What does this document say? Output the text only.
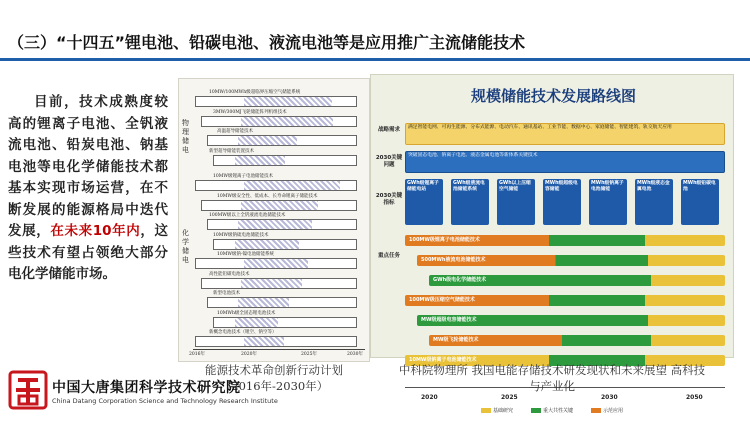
（三）“十四五”锂电池、铅碳电池、液流电池等是应用推广主流储能技术
目前，技术成熟度较高的锂离子电池、全钒液流电池、铅炭电池、钠基电池等电化学储能技术都基本实现市场运营，在不断发展的能源格局中迭代发展，在未来10年内，这些技术有望占领绝大部分电化学储能市场。
物理储电
化学储电
10MW/100MWh级超临界压缩空气储能系统
3MW/300MJ飞轮储能阵列机组技术
高温超导储能技术
新型超导储能装置技术
10MW级锂离子电池储能技术
10MW级安全性、低成本、长寿命锂离子储能技术
100MW级以上全钒液流电池储能技术
10MW级钠硫电池储能技术
10MW级钠-镍电池储能系统
高性能铅碳电池技术
新型电池技术
10MWh级全固态锂电池技术
新概念电池技术（锂空、钠空等）
2016年	2020年	2025年	2030年
能源技术革命创新行动计划
（2016年-2030年）
规模储能技术发展路线图
战略需求
2030关键问题
2030关键指标
重点任务
满足智能电网、可再生能源、分布式能源、电动汽车、通讯基站、工业节能、数据中心、家庭储能、智能建筑、轨交航天应用
突破固态电池、钠离子电池、液态金属电池等新体系关键技术
GWh级锂离子储能电站
GWh级液流电池储能系统
GWh以上压缩空气储能
MWh级超级电容储能
MWh级钠离子电池储能
MWh级液态金属电池
MWh级铅碳电池
100MW级锂离子电池储能技术
500MWh液流电池储能技术
GWh级电化学储能技术
100MW级压缩空气储能技术
MW级超级电容储能技术
MW级飞轮储能技术
10MW级钠离子电池储能技术
2020	2025	2030	2050
基础研究	重大共性关键	示范应用
中科院物理所 我国电能存储技术研发现状和未来展望 高科技
与产业化
中国大唐集团科学技术研究院
China Datang Corporation Science and Technology Research Institute
